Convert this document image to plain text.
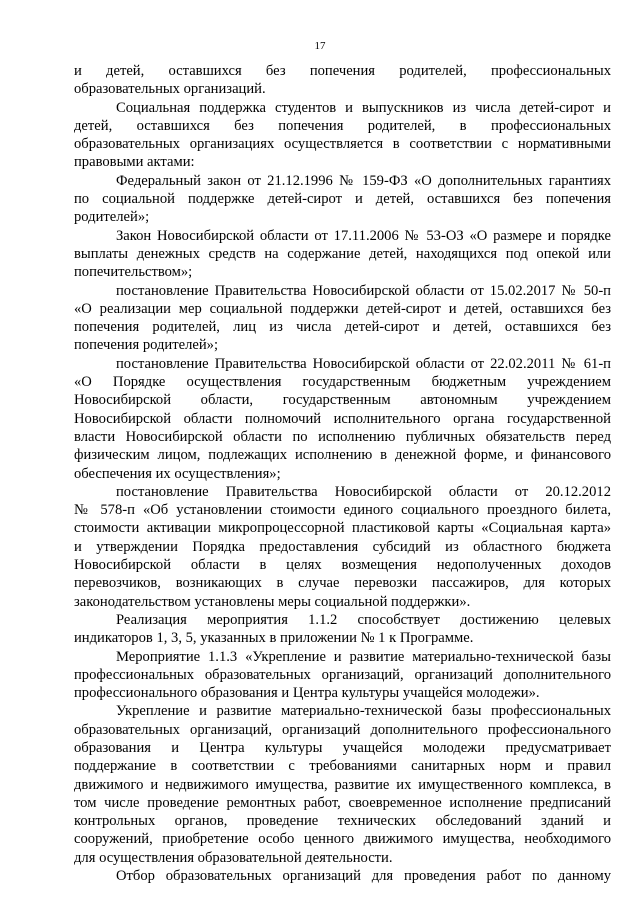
17
и детей, оставшихся без попечения родителей, профессиональных
образовательных организаций.
Социальная поддержка студентов и выпускников из числа детей-сирот и
детей, оставшихся без попечения родителей, в профессиональных
образовательных организациях осуществляется в соответствии с нормативными
правовыми актами:
Федеральный закон от 21.12.1996 № 159-ФЗ «О дополнительных гарантиях
по социальной поддержке детей-сирот и детей, оставшихся без попечения
родителей»;
Закон Новосибирской области от 17.11.2006 № 53-ОЗ «О размере и порядке
выплаты денежных средств на содержание детей, находящихся под опекой или
попечительством»;
постановление Правительства Новосибирской области от 15.02.2017 № 50-п
«О реализации мер социальной поддержки детей-сирот и детей, оставшихся без
попечения родителей, лиц из числа детей-сирот и детей, оставшихся без
попечения родителей»;
постановление Правительства Новосибирской области от 22.02.2011 № 61-п
«О Порядке осуществления государственным бюджетным учреждением
Новосибирской области, государственным автономным учреждением
Новосибирской области полномочий исполнительного органа государственной
власти Новосибирской области по исполнению публичных обязательств перед
физическим лицом, подлежащих исполнению в денежной форме, и финансового
обеспечения их осуществления»;
постановление Правительства Новосибирской области от 20.12.2012
№ 578-п «Об установлении стоимости единого социального проездного билета,
стоимости активации микропроцессорной пластиковой карты «Социальная карта»
и утверждении Порядка предоставления субсидий из областного бюджета
Новосибирской области в целях возмещения недополученных доходов
перевозчиков, возникающих в случае перевозки пассажиров, для которых
законодательством установлены меры социальной поддержки».
Реализация мероприятия 1.1.2 способствует достижению целевых
индикаторов 1, 3, 5, указанных в приложении № 1 к Программе.
Мероприятие 1.1.3 «Укрепление и развитие материально-технической базы
профессиональных образовательных организаций, организаций дополнительного
профессионального образования и Центра культуры учащейся молодежи».
Укрепление и развитие материально-технической базы профессиональных
образовательных организаций, организаций дополнительного профессионального
образования и Центра культуры учащейся молодежи предусматривает
поддержание в соответствии с требованиями санитарных норм и правил
движимого и недвижимого имущества, развитие их имущественного комплекса, в
том числе проведение ремонтных работ, своевременное исполнение предписаний
контрольных органов, проведение технических обследований зданий и
сооружений, приобретение особо ценного движимого имущества, необходимого
для осуществления образовательной деятельности.
Отбор образовательных организаций для проведения работ по данному
